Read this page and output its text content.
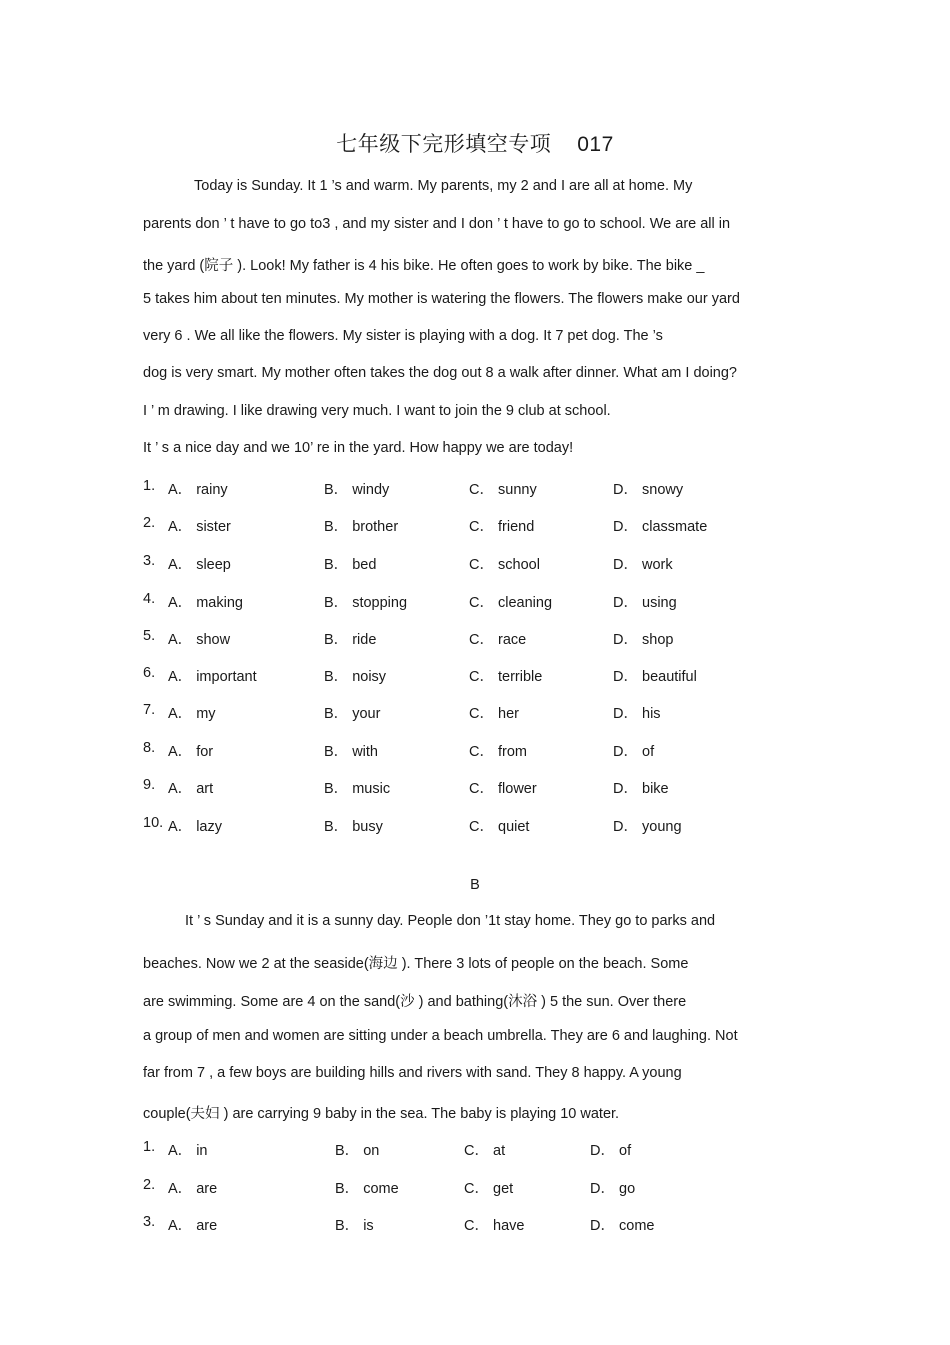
七年级下完形填空专项 017
Today is Sunday. It 1 ’s and warm. My parents, my 2 and I are all at home. My
parents don ’ t have to go to3 , and my sister and I don ’ t have to go to school. We are all in
the yard (院子 ). Look! My father is 4 his bike. He often goes to work by bike. The bike _
5 takes him about ten minutes. My mother is watering the flowers. The flowers make our yard
very 6 . We all like the flowers. My sister is playing with a dog. It 7 pet dog. The ’s
dog is very smart. My mother often takes the dog out 8 a walk after dinner. What am I doing?
I ’ m drawing. I like drawing very much. I want to join the 9 club at school.
It ’ s a nice day and we 10’ re in the yard. How happy we are today!
1. A． rainy	B． windy	C． sunny	D． snowy
2. A． sister	B． brother	C． friend	D． classmate
3. A． sleep	B． bed	C． school	D． work
4. A． making	B． stopping	C． cleaning	D． using
5. A． show	B． ride	C． race	D． shop
6. A． important	B． noisy	C． terrible	D． beautiful
7. A． my	B． your	C． her	D． his
8. A． for	B． with	C． from	D． of
9. A． art	B． music	C． flower	D． bike
10. A． lazy	B． busy	C． quiet	D． young
B
It ’ s Sunday and it is a sunny day. People don ’1t stay home. They go to parks and
beaches. Now we 2 at the seaside(海边 ). There 3 lots of people on the beach. Some
are swimming. Some are 4 on the sand(沙 ) and bathing(沐浴 ) 5 the sun. Over there
a group of men and women are sitting under a beach umbrella. They are 6 and laughing. Not
far from 7 , a few boys are building hills and rivers with sand. They 8 happy. A young
couple(夫妇 ) are carrying 9 baby in the sea. The baby is playing 10 water.
1. A． in	B． on	C． at	D． of
2. A． are	B． come	C． get	D． go
3. A． are	B． is	C． have	D． come
